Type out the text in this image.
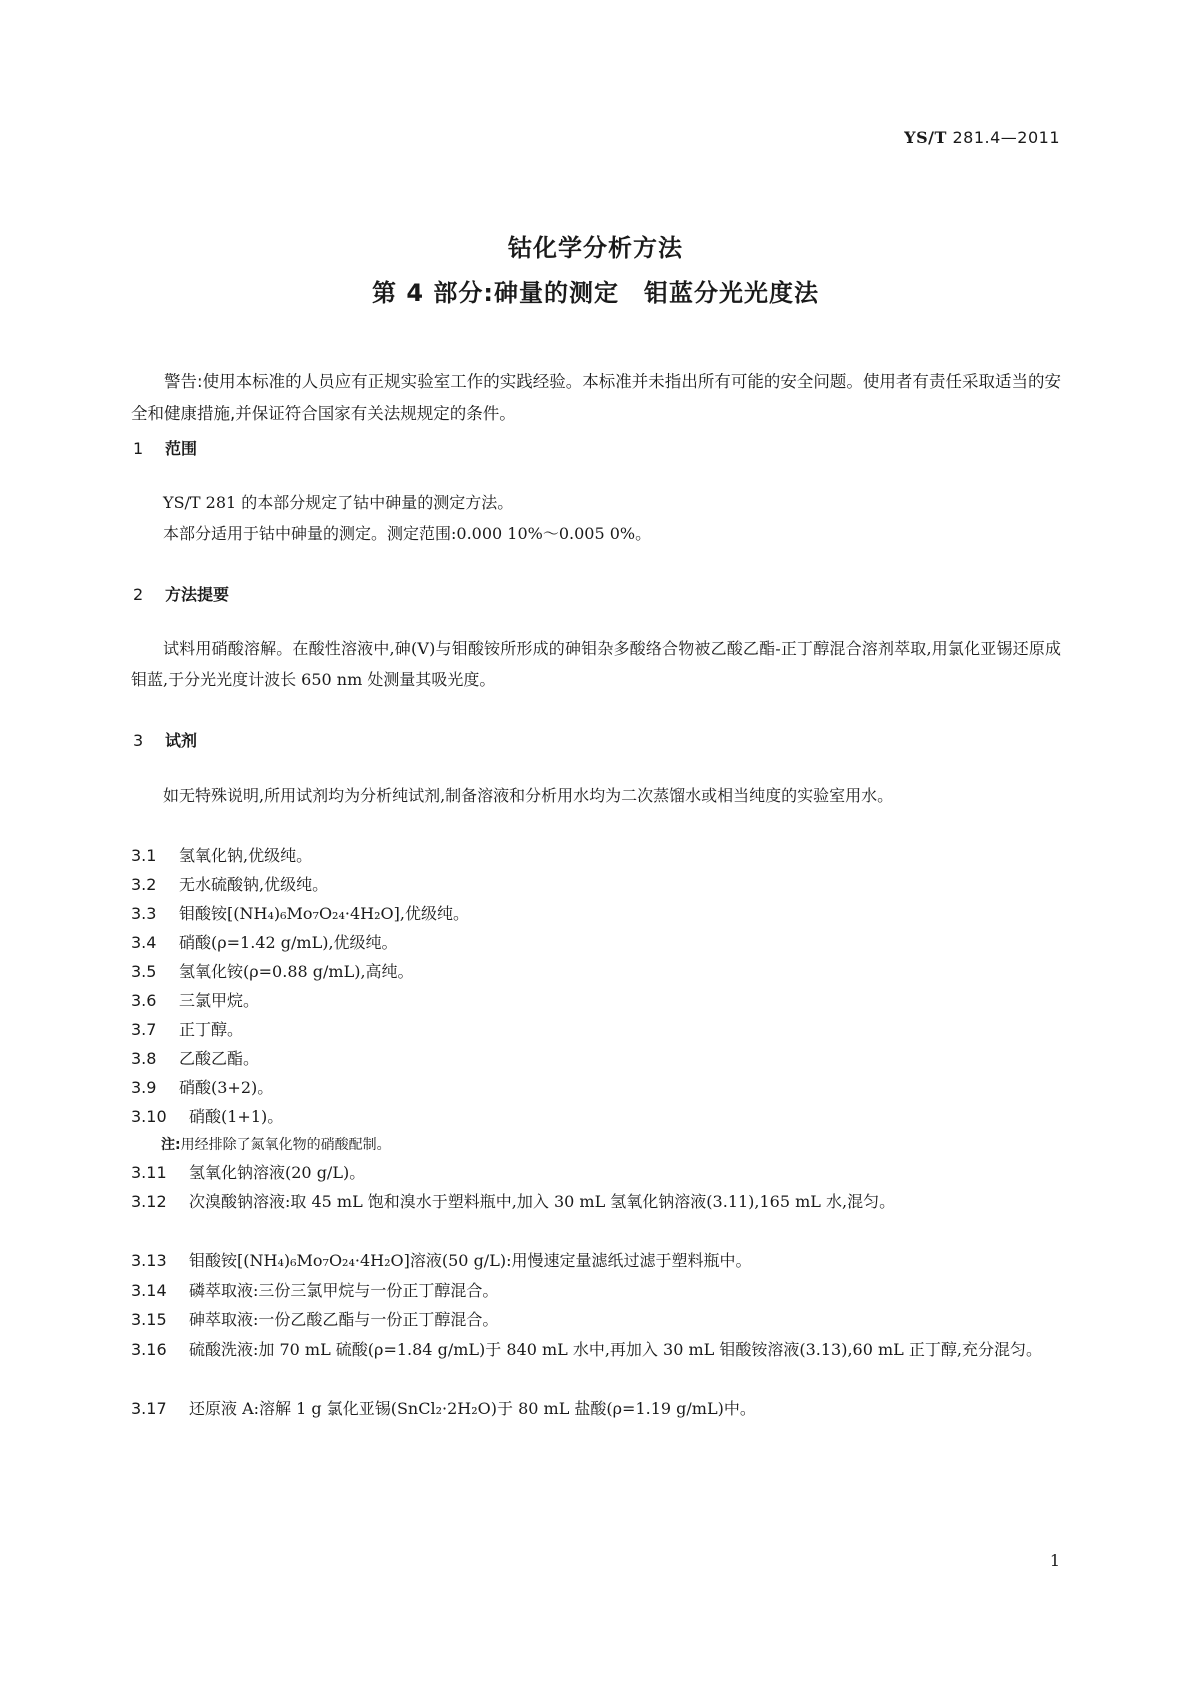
YS/T 281.4—2011
钴化学分析方法
第 4 部分:砷量的测定　钼蓝分光光度法
警告:使用本标准的人员应有正规实验室工作的实践经验。本标准并未指出所有可能的安全问题。使用者有责任采取适当的安全和健康措施,并保证符合国家有关法规规定的条件。
1 范围
YS/T 281 的本部分规定了钴中砷量的测定方法。
本部分适用于钴中砷量的测定。测定范围:0.000 10%～0.005 0%。
2 方法提要
试料用硝酸溶解。在酸性溶液中,砷(Ⅴ)与钼酸铵所形成的砷钼杂多酸络合物被乙酸乙酯-正丁醇混合溶剂萃取,用氯化亚锡还原成钼蓝,于分光光度计波长 650 nm 处测量其吸光度。
3 试剂
如无特殊说明,所用试剂均为分析纯试剂,制备溶液和分析用水均为二次蒸馏水或相当纯度的实验室用水。
3.1 氢氧化钠,优级纯。
3.2 无水硫酸钠,优级纯。
3.3 钼酸铵[(NH₄)₆Mo₇O₂₄·4H₂O],优级纯。
3.4 硝酸(ρ=1.42 g/mL),优级纯。
3.5 氢氧化铵(ρ=0.88 g/mL),高纯。
3.6 三氯甲烷。
3.7 正丁醇。
3.8 乙酸乙酯。
3.9 硝酸(3+2)。
3.10 硝酸(1+1)。
注:用经排除了氮氧化物的硝酸配制。
3.11 氢氧化钠溶液(20 g/L)。
3.12 次溴酸钠溶液:取 45 mL 饱和溴水于塑料瓶中,加入 30 mL 氢氧化钠溶液(3.11),165 mL 水,混匀。
3.13 钼酸铵[(NH₄)₆Mo₇O₂₄·4H₂O]溶液(50 g/L):用慢速定量滤纸过滤于塑料瓶中。
3.14 磷萃取液:三份三氯甲烷与一份正丁醇混合。
3.15 砷萃取液:一份乙酸乙酯与一份正丁醇混合。
3.16 硫酸洗液:加 70 mL 硫酸(ρ=1.84 g/mL)于 840 mL 水中,再加入 30 mL 钼酸铵溶液(3.13),60 mL 正丁醇,充分混匀。
3.17 还原液 A:溶解 1 g 氯化亚锡(SnCl₂·2H₂O)于 80 mL 盐酸(ρ=1.19 g/mL)中。
1
